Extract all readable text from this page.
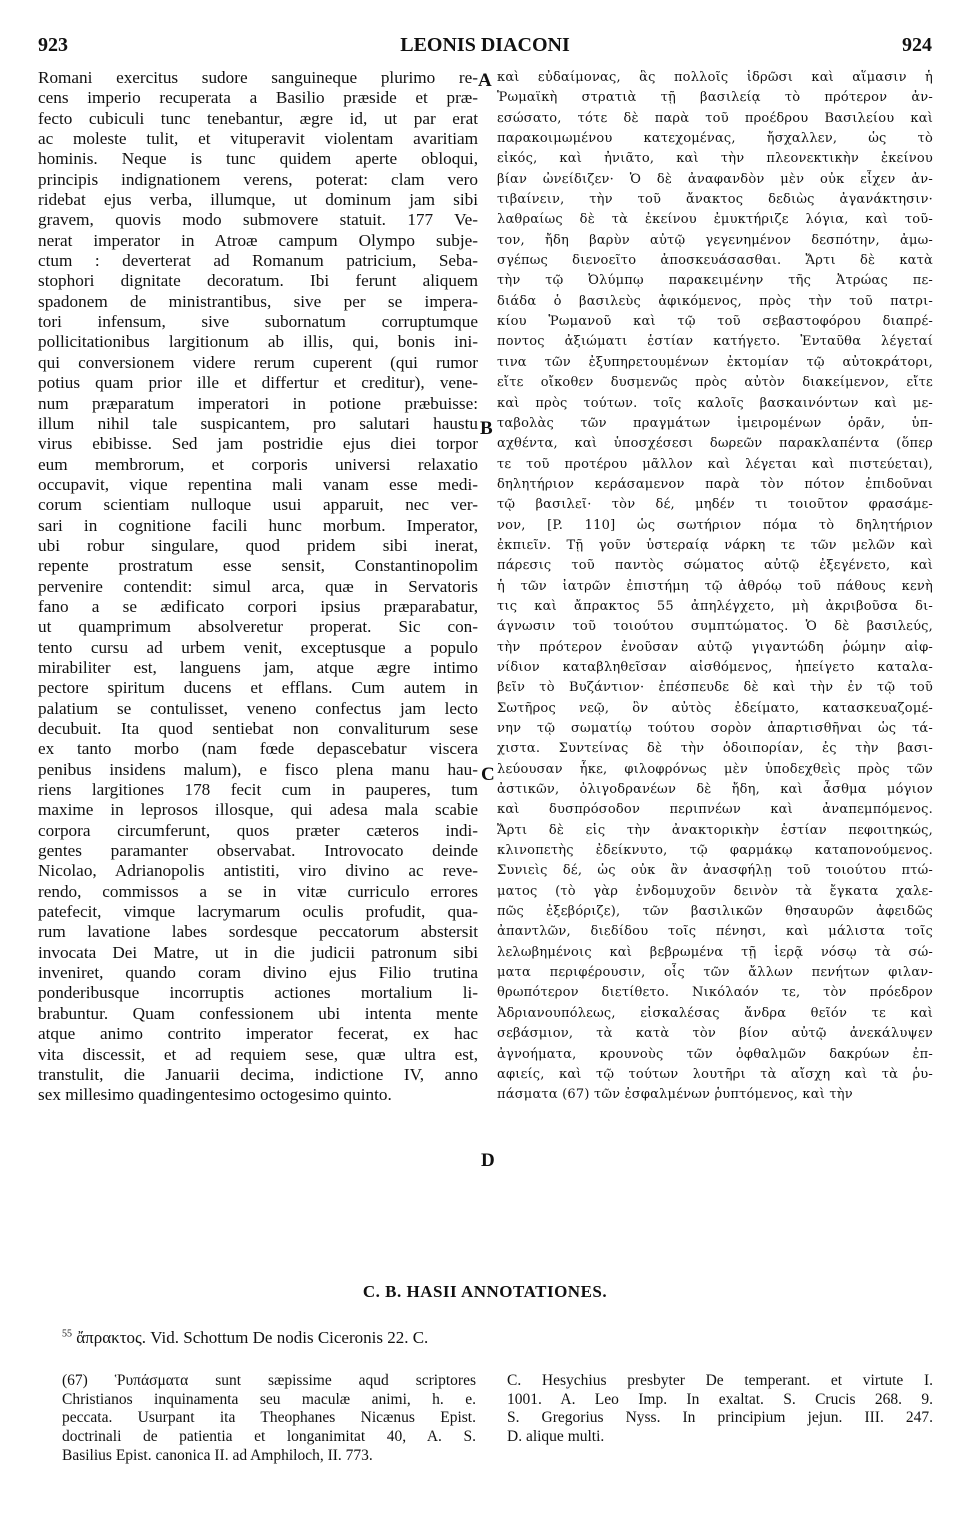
923	LEONIS DIACONI	924
Romani exercitus sudore sanguineque plurimo re-
cens imperio recuperata a Basilio præside et præ-
fecto cubiculi tunc tenebantur, ægre id, ut par erat
ac moleste tulit, et vituperavit violentam avaritiam
hominis. Neque is tunc quidem aperte obloqui,
principis indignationem verens, poterat: clam vero
ridebat ejus verba, illumque, ut dominum jam sibi
gravem, quovis modo submovere statuit. 177 Ve-
nerat imperator in Atroæ campum Olympo subje-
ctum : deverterat ad Romanum patricium, Seba-
stophori dignitate decoratum. Ibi ferunt aliquem
spadonem de ministrantibus, sive per se impera-
tori infensum, sive subornatum corruptumque
pollicitationibus largitionum ab illis, qui, bonis ini-
qui conversionem videre rerum cuperent (qui rumor
potius quam prior ille et differtur et creditur), vene-
num præparatum imperatori in potione præbuisse:
illum nihil tale suspicantem, pro salutari haustu
virus ebibisse. Sed jam postridie ejus diei torpor
eum membrorum, et corporis universi relaxatio
occupavit, vique repentina mali vanam esse medi-
corum scientiam nulloque usui apparuit, nec ver-
sari in cognitione facili hunc morbum. Imperator,
ubi robur singulare, quod pridem sibi inerat,
repente prostratum esse sensit, Constantinopolim
pervenire contendit: simul arca, quæ in Servatoris
fano a se ædificato corpori ipsius præparabatur,
ut quamprimum absolveretur properat. Sic con-
tento cursu ad urbem venit, exceptusque a populo
mirabiliter est, languens jam, atque ægre intimo
pectore spiritum ducens et efflans. Cum autem in
palatium se contulisset, veneno confectus jam lecto
decubuit. Ita quod sentiebat non convaliturum sese
ex tanto morbo (nam fœde depascebatur viscera
penibus insidens malum), e fisco plena manu hau-
riens largitiones 178 fecit cum in pauperes, tum
maxime in leprosos illosque, qui adesa mala scabie
corpora circumferunt, quos præter cæteros indi-
gentes paramanter observabat. Introvocato deinde
Nicolao, Adrianopolis antistiti, viro divino ac reve-
rendo, commissos a se in vitæ curriculo errores
patefecit, vimque lacrymarum oculis profudit, qua-
rum lavatione labes sordesque peccatorum abstersit
invocata Dei Matre, ut in die judicii patronum sibi
inveniret, quando coram divino ejus Filio trutina
ponderibusque incorruptis actiones mortalium li-
brabuntur. Quam confessionem ubi intenta mente
atque animo contrito imperator fecerat, ex hac
vita discessit, et ad requiem sese, quæ ultra est,
transtulit, die Januarii decima, indictione IV, anno
sex millesimo quadingentesimo octogesimo quinto.
καὶ εὐδαίμονας, ἃς πολλοῖς ἱδρῶσι καὶ αἵμασιν ἡ
Ῥωμαϊκὴ στρατιὰ τῇ βασιλείᾳ τὸ πρότερον ἀν-
εσώσατο, τότε δὲ παρὰ τοῦ προέδρου Βασιλείου καὶ
παρακοιμωμένου κατεχομένας, ἤσχαλλεν, ὡς τὸ
εἰκός, καὶ ἠνιᾶτο, καὶ τὴν πλεονεκτικὴν ἐκείνου
βίαν ὠνείδιζεν· Ὁ δὲ ἀναφανδὸν μὲν οὐκ εἶχεν ἀν-
τιβαίνειν, τὴν τοῦ ἄνακτος δεδιὼς ἀγανάκτησιν·
λαθραίως δὲ τὰ ἐκείνου ἐμυκτήριζε λόγια, καὶ τοῦ-
τον, ἤδη βαρὺν αὐτῷ γεγενημένον δεσπότην, ἀμω-
σγέπως διενοεῖτο ἀποσκευάσασθαι. Ἄρτι δὲ κατὰ
τὴν τῷ Ὀλύμπῳ παρακειμένην τῆς Ἀτρώας πε-
διάδα ὁ βασιλεὺς ἀφικόμενος, πρὸς τὴν τοῦ πατρι-
κίου Ῥωμανοῦ καὶ τῷ τοῦ σεβαστοφόρου διαπρέ-
ποντος ἀξιώματι ἑστίαν κατήγετο. Ἐνταῦθα λέγεταί
τινα τῶν ἐξυπηρετουμένων ἐκτομίαν τῷ αὐτοκράτορι,
εἴτε οἴκοθεν δυσμενῶς πρὸς αὐτὸν διακείμενον, εἴτε
καὶ πρὸς τούτων. τοῖς καλοῖς βασκαινόντων καὶ με-
ταβολὰς τῶν πραγμάτων ἱμειρομένων ὁρᾶν, ὑπ-
αχθέντα, καὶ ὑποσχέσεσι δωρεῶν παρακλαπέντα (ὅπερ
τε τοῦ προτέρου μᾶλλον καὶ λέγεται καὶ πιστεύεται),
δηλητήριον κεράσαμενον παρὰ τὸν πότον ἐπιδοῦναι
τῷ βασιλεῖ· τὸν δέ, μηδέν τι τοιοῦτον φρασάμε-
νον, [P. 110] ὡς σωτήριον πόμα τὸ δηλητήριον
ἐκπιεῖν. Τῇ γοῦν ὑστεραίᾳ νάρκη τε τῶν μελῶν καὶ
πάρεσις τοῦ παντὸς σώματος αὐτῷ ἐξεγένετο, καὶ
ἡ τῶν ἰατρῶν ἐπιστήμη τῷ ἀθρόῳ τοῦ πάθους κενὴ
τις καὶ ἄπρακτος 55 ἀπηλέγχετο, μὴ ἀκριβοῦσα δι-
άγνωσιν τοῦ τοιούτου συμπτώματος. Ὁ δὲ βασιλεύς,
τὴν πρότερον ἐνοῦσαν αὐτῷ γιγαντώδη ῥώμην αἰφ-
νίδιον καταβληθεῖσαν αἰσθόμενος, ἠπείγετο καταλα-
βεῖν τὸ Βυζάντιον· ἐπέσπευδε δὲ καὶ τὴν ἐν τῷ τοῦ
Σωτῆρος νεῷ, ὃν αὐτὸς ἐδείματο, κατασκευαζομέ-
νην τῷ σωματίῳ τούτου σορὸν ἀπαρτισθῆναι ὡς τά-
χιστα. Συντείνας δὲ τὴν ὁδοιπορίαν, ἐς τὴν βασι-
λεύουσαν ἧκε, φιλοφρόνως μὲν ὑποδεχθεὶς πρὸς τῶν
ἀστικῶν, ὀλιγοδρανέων δὲ ἤδη, καὶ ἆσθμα μόγιον
καὶ δυσπρόσοδον περιπνέων καὶ ἀναπεμπόμενος.
Ἄρτι δὲ εἰς τὴν ἀνακτορικὴν ἑστίαν πεφοιτηκώς,
κλινοπετὴς ἐδείκνυτο, τῷ φαρμάκῳ καταπονούμενος.
Συνιεὶς δέ, ὡς οὐκ ἂν ἀνασφήλῃ τοῦ τοιούτου πτώ-
ματος (τὸ γὰρ ἐνδομυχοῦν δεινὸν τὰ ἔγκατα χαλε-
πῶς ἐξεβόριζε), τῶν βασιλικῶν θησαυρῶν ἀφειδῶς
ἀπαντλῶν, διεδίδου τοῖς πένησι, καὶ μάλιστα τοῖς
λελωβημένοις καὶ βεβρωμένα τῇ ἱερᾷ νόσῳ τὰ σώ-
ματα περιφέρουσιν, οἷς τῶν ἄλλων πενήτων φιλαν-
θρωπότερον διετίθετο. Νικόλαόν τε, τὸν πρόεδρον
Ἀδριανουπόλεως, εἰσκαλέσας ἄνδρα θεῖόν τε καὶ
σεβάσμιον, τὰ κατὰ τὸν βίον αὐτῷ ἀνεκάλυψεν
ἀγνοήματα, κρουνοὺς τῶν ὀφθαλμῶν δακρύων ἐπ-
αφιείς, καὶ τῷ τούτων λουτῆρι τὰ αἴσχη καὶ τὰ ῥυ-
πάσματα (67) τῶν ἐσφαλμένων ῥυπτόμενος, καὶ τὴν
A
B
C
D
C. B. HASII ANNOTATIONES.
$^{55}$ ἄπρακτος. Vid. Schottum De nodis Ciceronis 22. C.
(67) Ῥυπάσματα sunt sæpissime aqud scriptores
Christianos inquinamenta seu maculæ animi, h. e.
peccata. Usurpant ita Theophanes Nicænus Epist.
doctrinali de patientia et longanimitat 40, A. S.
Basilius Epist. canonica II. ad Amphiloch, II. 773.
C. Hesychius presbyter De temperant. et virtute I.
1001. A. Leo Imp. In exaltat. S. Crucis 268. 9.
S. Gregorius Nyss. In principium jejun. III. 247.
D. alique multi.
